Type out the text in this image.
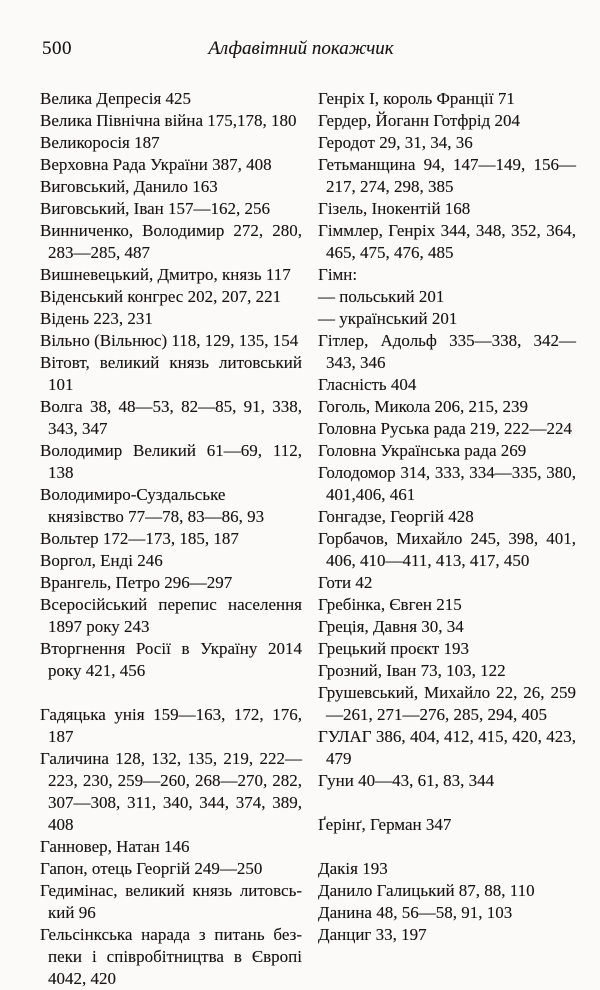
500	Алфавітний покажчик

Велика Депресія 425

Велика Північна війна 175,178, 180

Великоросія 187

Верховна Рада України 387, 408

Виговський, Данило 163

Виговський, Іван 157—162, 256

Винниченко, Володимир 272, 280, 283—285, 487

Вишневецький, Дмитро, князь 117

Віденський конгрес 202, 207, 221

Відень 223, 231

Вільно (Вільнюс) 118, 129, 135, 154

Вітовт, великий князь литовський 101

Волга 38, 48—53, 82—85, 91, 338, 343, 347

Володимир Великий 61—69, 112, 138

Володимиро-Суздальське князівство 77—78, 83—86, 93

Вольтер 172—173, 185, 187

Воргол, Енді 246

Врангель, Петро 296—297

Всеросійський перепис населення 1897 року 243

Вторгнення Росії в Україну 2014 року 421, 456

Гадяцька унія 159—163, 172, 176, 187

Галичина 128, 132, 135, 219, 222—223, 230, 259—260, 268—270, 282, 307—308, 311, 340, 344, 374, 389, 408

Ганновер, Натан 146

Гапон, отець Георгій 249—250

Гедимінас, великий князь литовський 96

Гельсінкська нарада з питань безпеки і співробітництва в Європі 4042, 420

Генріх I, король Франції 71

Гердер, Йоганн Готфрід 204

Геродот 29, 31, 34, 36

Гетьманщина 94, 147—149, 156—217, 274, 298, 385

Гізель, Інокентій 168

Гіммлер, Генріх 344, 348, 352, 364, 465, 475, 476, 485

Гімн:

— польський 201

— український 201

Гітлер, Адольф 335—338, 342—343, 346

Гласність 404

Гоголь, Микола 206, 215, 239

Головна Руська рада 219, 222—224

Головна Українська рада 269

Голодомор 314, 333, 334—335, 380, 401,406, 461

Гонгадзе, Георгій 428

Горбачов, Михайло 245, 398, 401, 406, 410—411, 413, 417, 450

Готи 42

Гребінка, Євген 215

Греція, Давня 30, 34

Грецький проєкт 193

Грозний, Іван 73, 103, 122

Грушевський, Михайло 22, 26, 259—261, 271—276, 285, 294, 405

ГУЛАГ 386, 404, 412, 415, 420, 423, 479

Гуни 40—43, 61, 83, 344

Ґерінґ, Герман 347

Дакія 193

Данило Галицький 87, 88, 110

Данина 48, 56—58, 91, 103

Данциг 33, 197
